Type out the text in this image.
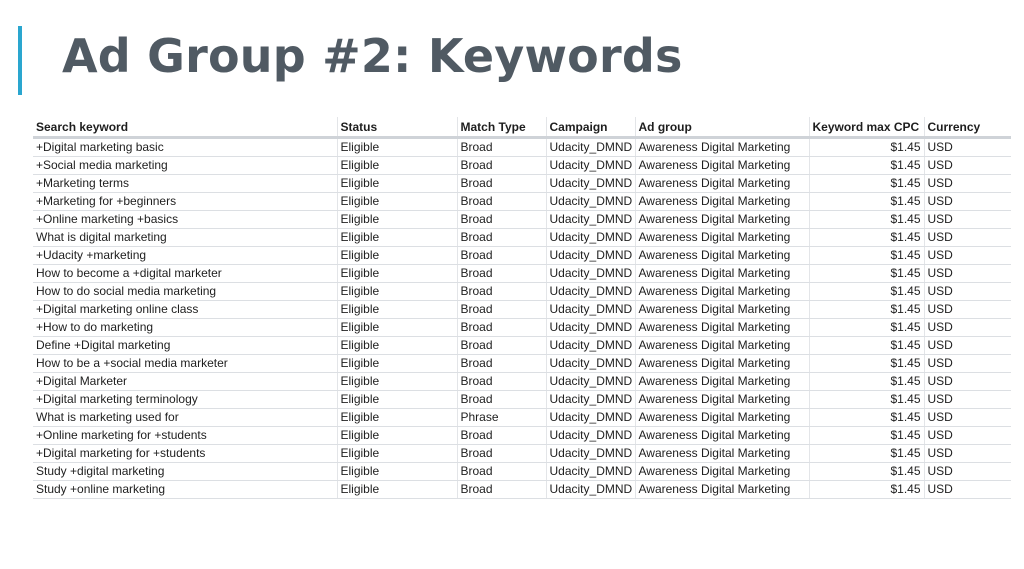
Ad Group #2: Keywords
Search keyword	Status	Match Type	Campaign	Ad group	Keyword max CPC	Currency
+Digital marketing basic	Eligible	Broad	Udacity_DMND	Awareness Digital Marketing	$1.45	USD
+Social media marketing	Eligible	Broad	Udacity_DMND	Awareness Digital Marketing	$1.45	USD
+Marketing terms	Eligible	Broad	Udacity_DMND	Awareness Digital Marketing	$1.45	USD
+Marketing for +beginners	Eligible	Broad	Udacity_DMND	Awareness Digital Marketing	$1.45	USD
+Online marketing +basics	Eligible	Broad	Udacity_DMND	Awareness Digital Marketing	$1.45	USD
What is digital marketing	Eligible	Broad	Udacity_DMND	Awareness Digital Marketing	$1.45	USD
+Udacity +marketing	Eligible	Broad	Udacity_DMND	Awareness Digital Marketing	$1.45	USD
How to become a +digital marketer	Eligible	Broad	Udacity_DMND	Awareness Digital Marketing	$1.45	USD
How to do social media marketing	Eligible	Broad	Udacity_DMND	Awareness Digital Marketing	$1.45	USD
+Digital marketing online class	Eligible	Broad	Udacity_DMND	Awareness Digital Marketing	$1.45	USD
+How to do marketing	Eligible	Broad	Udacity_DMND	Awareness Digital Marketing	$1.45	USD
Define +Digital marketing	Eligible	Broad	Udacity_DMND	Awareness Digital Marketing	$1.45	USD
How to be a +social media marketer	Eligible	Broad	Udacity_DMND	Awareness Digital Marketing	$1.45	USD
+Digital Marketer	Eligible	Broad	Udacity_DMND	Awareness Digital Marketing	$1.45	USD
+Digital marketing terminology	Eligible	Broad	Udacity_DMND	Awareness Digital Marketing	$1.45	USD
What is marketing used for	Eligible	Phrase	Udacity_DMND	Awareness Digital Marketing	$1.45	USD
+Online marketing for +students	Eligible	Broad	Udacity_DMND	Awareness Digital Marketing	$1.45	USD
+Digital marketing for +students	Eligible	Broad	Udacity_DMND	Awareness Digital Marketing	$1.45	USD
Study +digital marketing	Eligible	Broad	Udacity_DMND	Awareness Digital Marketing	$1.45	USD
Study +online marketing	Eligible	Broad	Udacity_DMND	Awareness Digital Marketing	$1.45	USD
